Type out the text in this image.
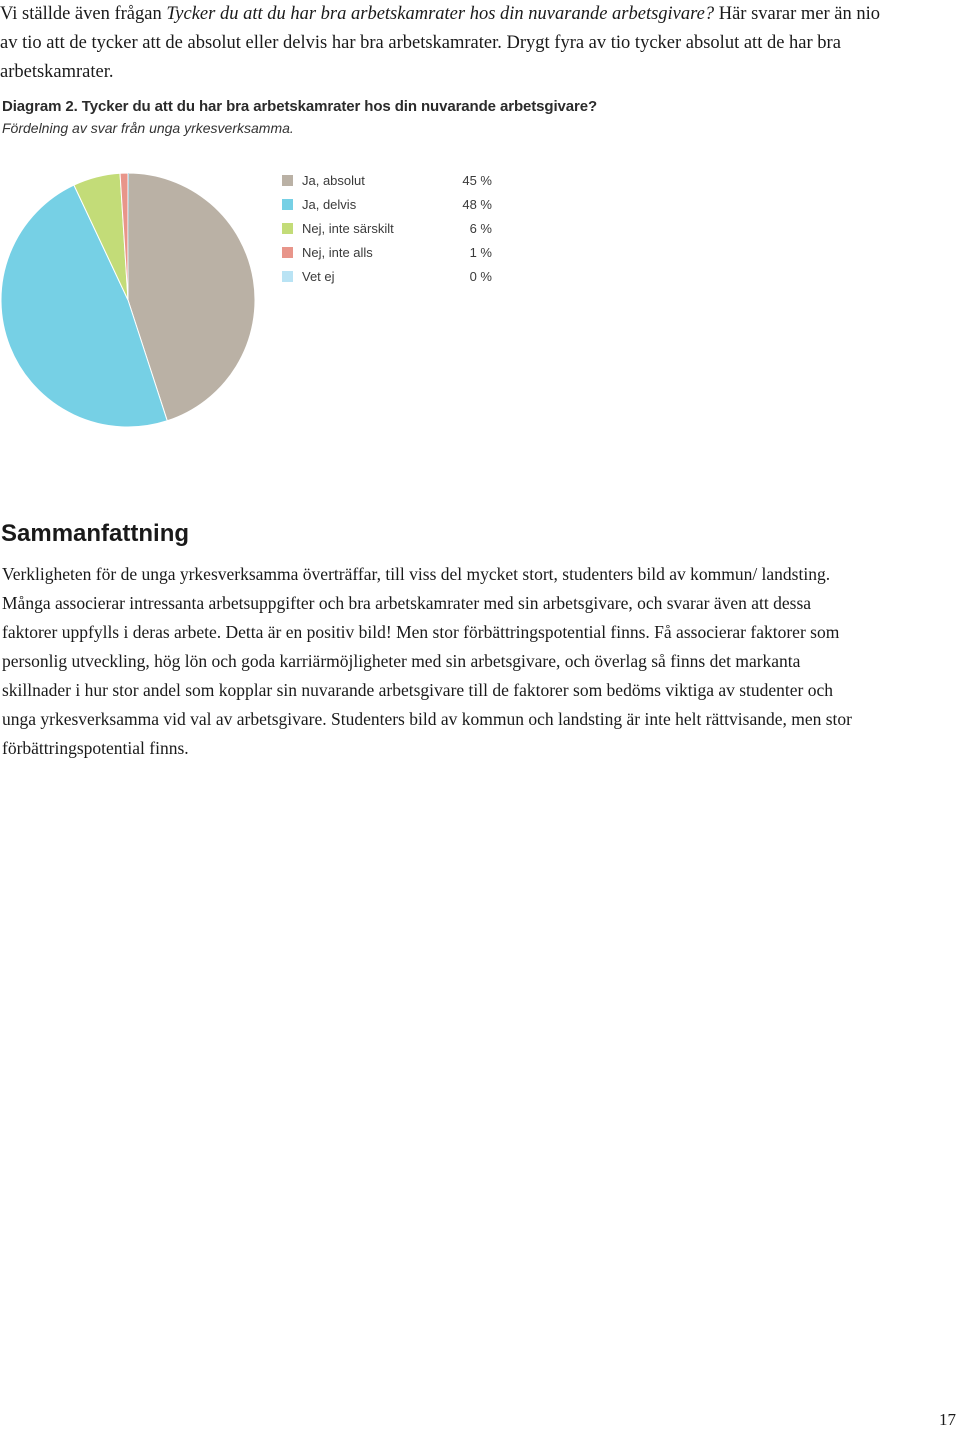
Vi ställde även frågan Tycker du att du har bra arbetskamrater hos din nuvarande arbetsgivare? Här svarar mer än nio av tio att de tycker att de absolut eller delvis har bra arbetskamrater. Drygt fyra av tio tycker absolut att de har bra arbetskamrater.

Diagram 2. Tycker du att du har bra arbetskamrater hos din nuvarande arbetsgivare?
Fördelning av svar från unga yrkesverksamma.
Ja, absolut	45 %
Ja, delvis	48 %
Nej, inte särskilt	6 %
Nej, inte alls	1 %
Vet ej	0 %
Sammanfattning

Verkligheten för de unga yrkesverksamma överträffar, till viss del mycket stort, studenters bild av kommun/ landsting. Många associerar intressanta arbetsuppgifter och bra arbetskamrater med sin arbetsgivare, och svarar även att dessa faktorer uppfylls i deras arbete. Detta är en positiv bild! Men stor förbättringspotential finns. Få associerar faktorer som personlig utveckling, hög lön och goda karriärmöjligheter med sin arbetsgivare, och överlag så finns det markanta skillnader i hur stor andel som kopplar sin nuvarande arbetsgivare till de faktorer som bedöms viktiga av studenter och unga yrkesverksamma vid val av arbetsgivare. Studenters bild av kommun och landsting är inte helt rättvisande, men stor förbättringspotential finns.

17
